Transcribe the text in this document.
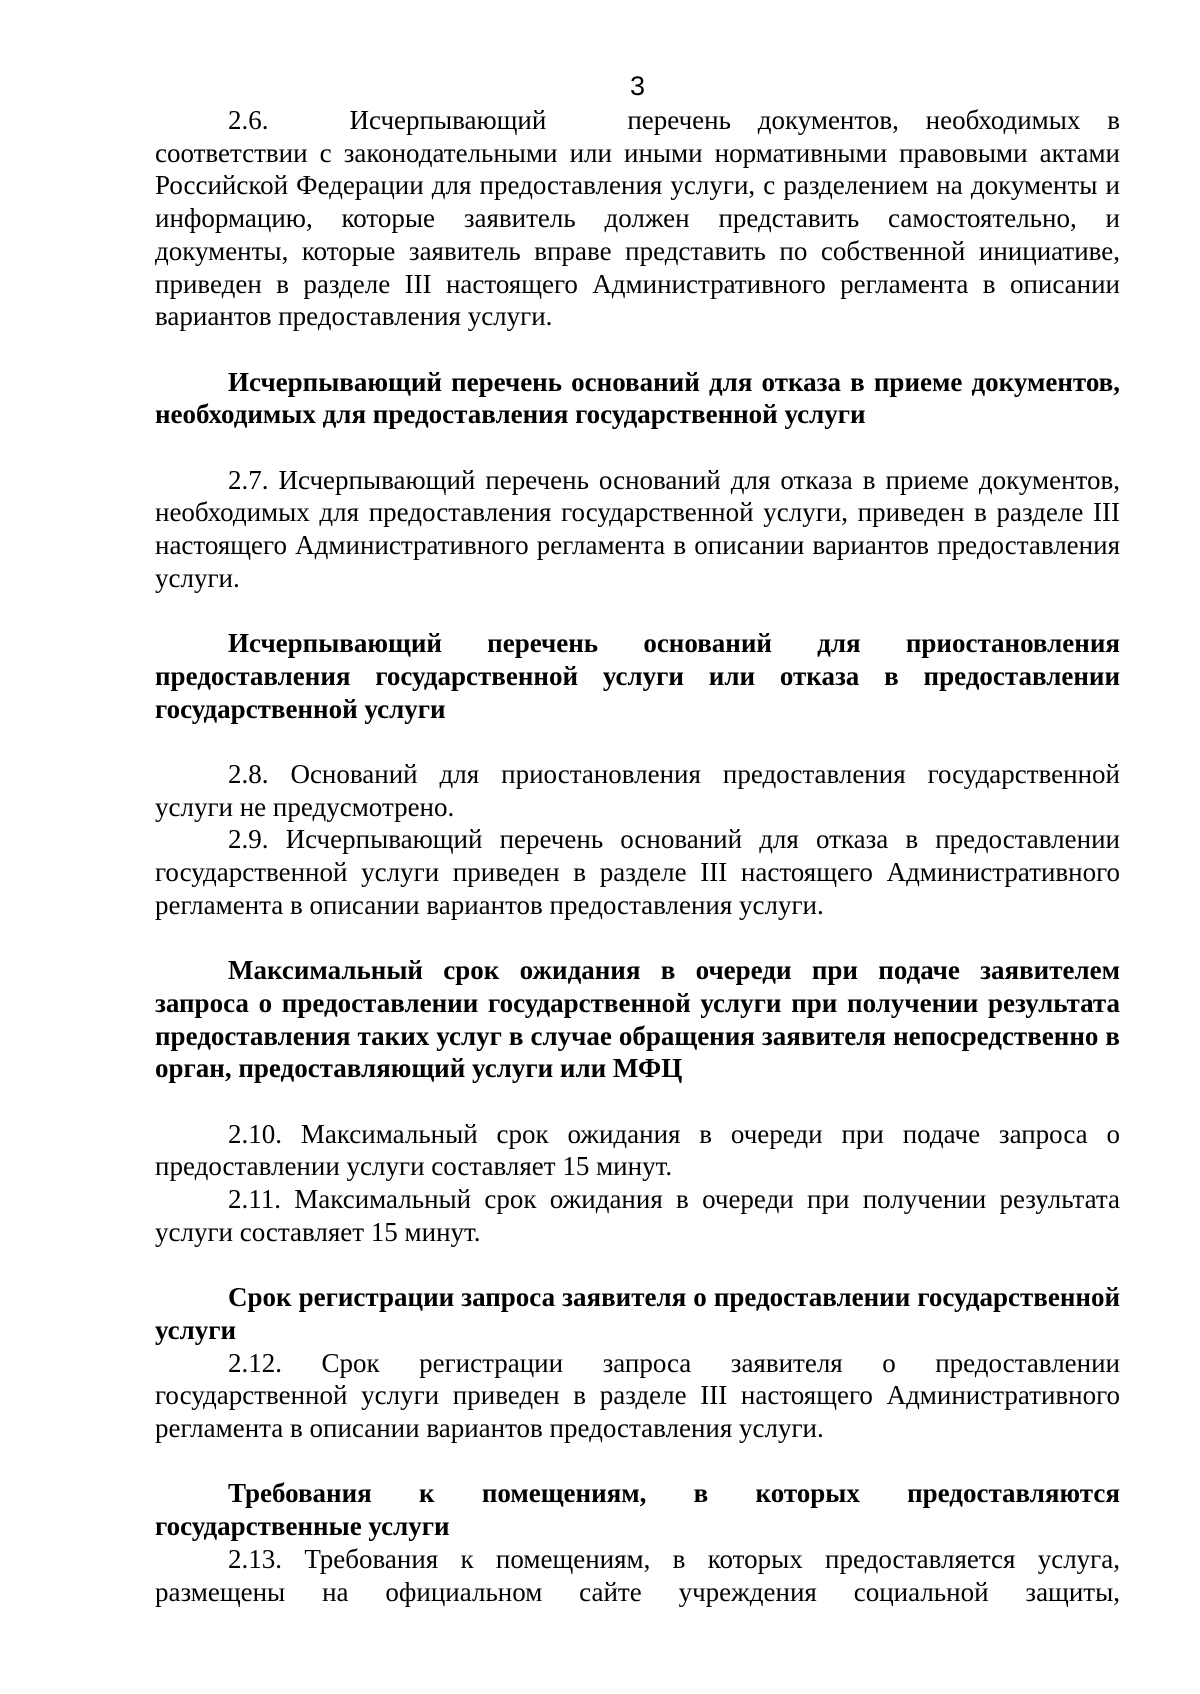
3

2.6.   Исчерпывающий   перечень документов, необходимых в соответствии с законодательными или иными нормативными правовыми актами Российской Федерации для предоставления услуги, с разделением на документы и информацию, которые заявитель должен представить самостоятельно, и документы, которые заявитель вправе представить по собственной инициативе, приведен в разделе III настоящего Административного регламента в описании вариантов предоставления услуги.

Исчерпывающий перечень оснований для отказа в приеме документов, необходимых для предоставления государственной услуги

2.7. Исчерпывающий перечень оснований для отказа в приеме документов, необходимых для предоставления государственной услуги, приведен в разделе III настоящего Административного регламента в описании вариантов предоставления услуги.

Исчерпывающий перечень оснований для приостановления предоставления государственной услуги или отказа в предоставлении государственной услуги

2.8. Оснований для приостановления предоставления государственной услуги не предусмотрено.

2.9. Исчерпывающий перечень оснований для отказа в предоставлении государственной услуги приведен в разделе III настоящего Административного регламента в описании вариантов предоставления услуги.

Максимальный срок ожидания в очереди при подаче заявителем запроса о предоставлении государственной услуги при получении результата предоставления таких услуг в случае обращения заявителя непосредственно в орган, предоставляющий услуги или МФЦ

2.10. Максимальный срок ожидания в очереди при подаче запроса о предоставлении услуги составляет 15 минут.

2.11. Максимальный срок ожидания в очереди при получении результата услуги составляет 15 минут.

Срок регистрации запроса заявителя о предоставлении государственной услуги

2.12. Срок регистрации запроса заявителя о предоставлении государственной услуги приведен в разделе III настоящего Административного регламента в описании вариантов предоставления услуги.

Требования к помещениям, в которых предоставляются государственные услуги

2.13. Требования к помещениям, в которых предоставляется услуга, размещены на официальном сайте учреждения социальной защиты,
